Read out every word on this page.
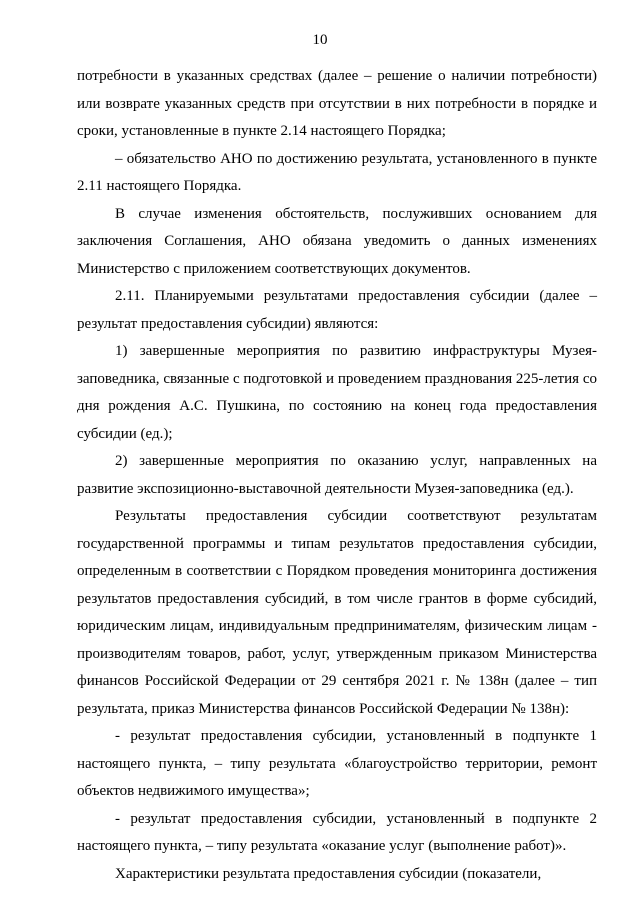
10

потребности в указанных средствах (далее – решение о наличии потребности) или возврате указанных средств при отсутствии в них потребности в порядке и сроки, установленные в пункте 2.14 настоящего Порядка;

– обязательство АНО по достижению результата, установленного в пункте 2.11 настоящего Порядка.

В случае изменения обстоятельств, послуживших основанием для заключения Соглашения, АНО обязана уведомить о данных изменениях Министерство с приложением соответствующих документов.

2.11. Планируемыми результатами предоставления субсидии (далее – результат предоставления субсидии) являются:

1) завершенные мероприятия по развитию инфраструктуры Музея-заповедника, связанные с подготовкой и проведением празднования 225-летия со дня рождения А.С. Пушкина, по состоянию на конец года предоставления субсидии (ед.);

2) завершенные мероприятия по оказанию услуг, направленных на развитие экспозиционно-выставочной деятельности Музея-заповедника (ед.).

Результаты предоставления субсидии соответствуют результатам государственной программы и типам результатов предоставления субсидии, определенным в соответствии с Порядком проведения мониторинга достижения результатов предоставления субсидий, в том числе грантов в форме субсидий, юридическим лицам, индивидуальным предпринимателям, физическим лицам - производителям товаров, работ, услуг, утвержденным приказом Министерства финансов Российской Федерации от 29 сентября 2021 г. № 138н (далее – тип результата, приказ Министерства финансов Российской Федерации № 138н):

- результат предоставления субсидии, установленный в подпункте 1 настоящего пункта, – типу результата «благоустройство территории, ремонт объектов недвижимого имущества»;

- результат предоставления субсидии, установленный в подпункте 2 настоящего пункта, – типу результата «оказание услуг (выполнение работ)».

Характеристики результата предоставления субсидии (показатели,
